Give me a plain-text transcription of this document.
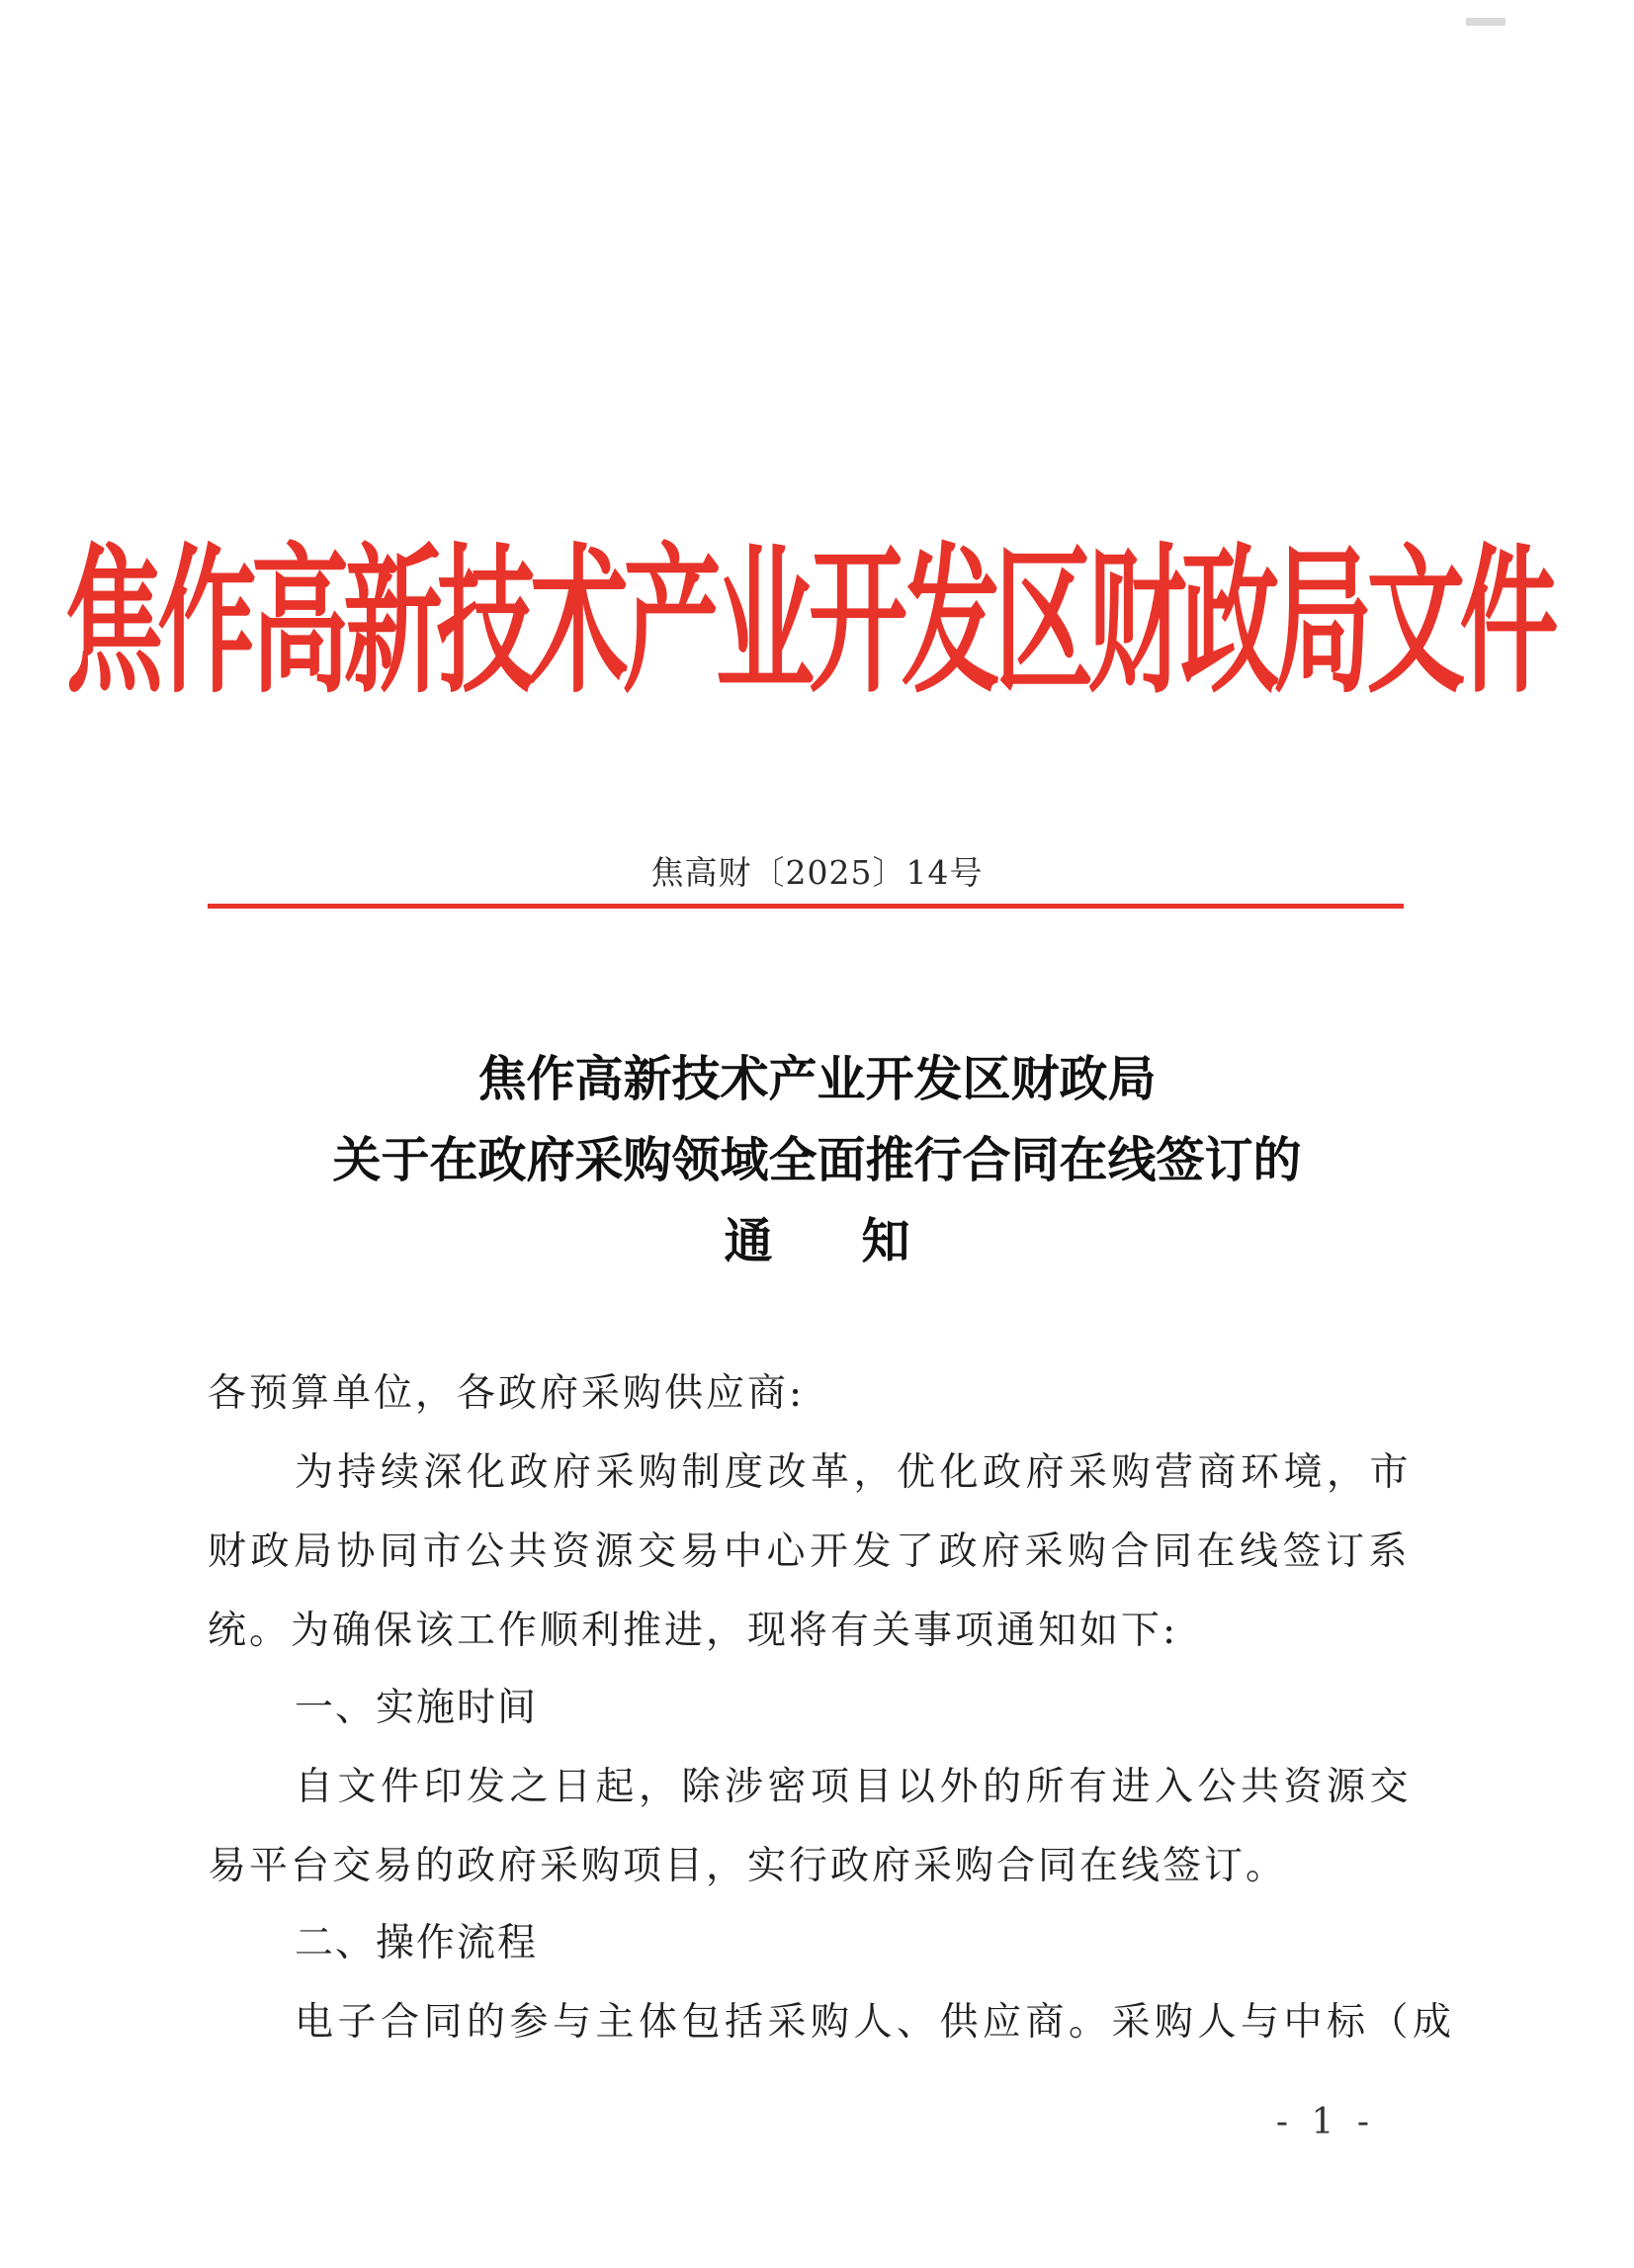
焦作高新技术产业开发区财政局文件
焦高财〔2025〕14号
焦作高新技术产业开发区财政局
关于在政府采购领域全面推行合同在线签订的
通知
各预算单位，各政府采购供应商:
为持续深化政府采购制度改革，优化政府采购营商环境，市
财政局协同市公共资源交易中心开发了政府采购合同在线签订系
统。为确保该工作顺利推进，现将有关事项通知如下:
一、实施时间
自文件印发之日起，除涉密项目以外的所有进入公共资源交
易平台交易的政府采购项目，实行政府采购合同在线签订。
二、操作流程
电子合同的参与主体包括采购人、供应商。采购人与中标（成
- 1 -
